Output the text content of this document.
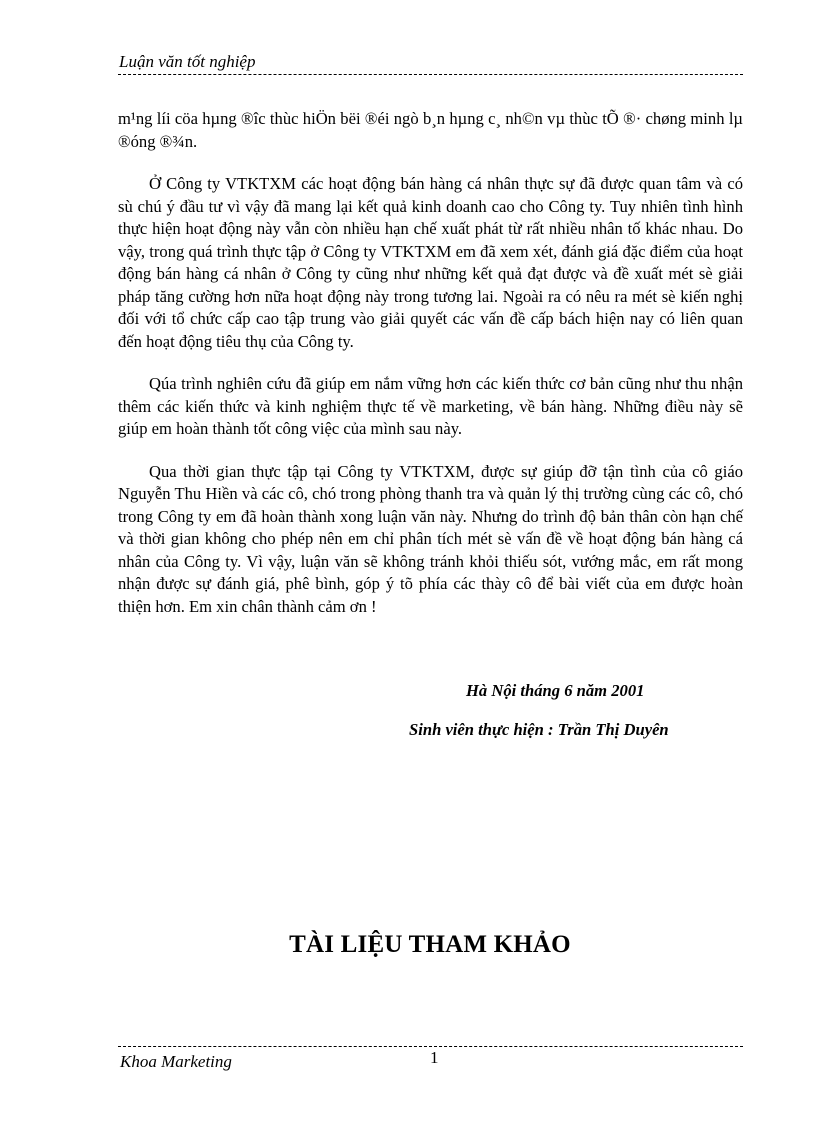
Luận văn tốt nghiệp

m¹ng líi cöa hµng ®îc thùc hiÖn bëi ®éi ngò b¸n hµng c¸ nh©n vµ thùc tÕ ®· chøng minh lµ ®óng ®¾n.

Ở Công ty VTKTXM các hoạt động bán hàng cá nhân thực sự đã được quan tâm và có sù chú ý đầu tư vì vậy đã mang lại kết quả kinh doanh cao cho Công ty. Tuy nhiên tình hình thực hiện hoạt động này vẫn còn nhiều hạn chế xuất phát từ rất nhiều nhân tố khác nhau. Do vậy, trong quá trình thực tập ở Công ty VTKTXM em đã xem xét, đánh giá đặc điểm của hoạt động bán hàng cá nhân ở Công ty cũng như những kết quả đạt được và đề xuất mét sè giải pháp tăng cường hơn nữa hoạt động này trong tương lai. Ngoài ra có nêu ra mét sè kiến nghị đối với tổ chức cấp cao tập trung vào giải quyết các vấn đề cấp bách hiện nay có liên quan đến hoạt động tiêu thụ của Công ty.

Qúa trình nghiên cứu đã giúp em nắm vững hơn các kiến thức cơ bản cũng như thu nhận thêm các kiến thức và kinh nghiệm thực tế về marketing, về bán hàng. Những điều này sẽ giúp em hoàn thành tốt công việc của mình sau này.

Qua thời gian thực tập tại Công ty VTKTXM, được sự giúp đỡ tận tình của cô giáo Nguyễn Thu Hiền và các cô, chó trong phòng thanh tra và quản lý thị trường cùng các cô, chó trong Công ty em đã hoàn thành xong luận văn này. Nhưng do trình độ bản thân còn hạn chế và thời gian không cho phép nên em chỉ phân tích mét sè vấn đề về hoạt động bán hàng cá nhân của Công ty. Vì vậy, luận văn sẽ không tránh khỏi thiếu sót, vướng mắc, em rất mong nhận được sự đánh giá, phê bình, góp ý tõ phía các thày cô để bài viết của em được hoàn thiện hơn. Em xin chân thành cảm ơn !

Hà Nội tháng 6 năm 2001
Sinh viên thực hiện : Trần Thị Duyên
TÀI LIỆU THAM KHẢO
Khoa Marketing	1
